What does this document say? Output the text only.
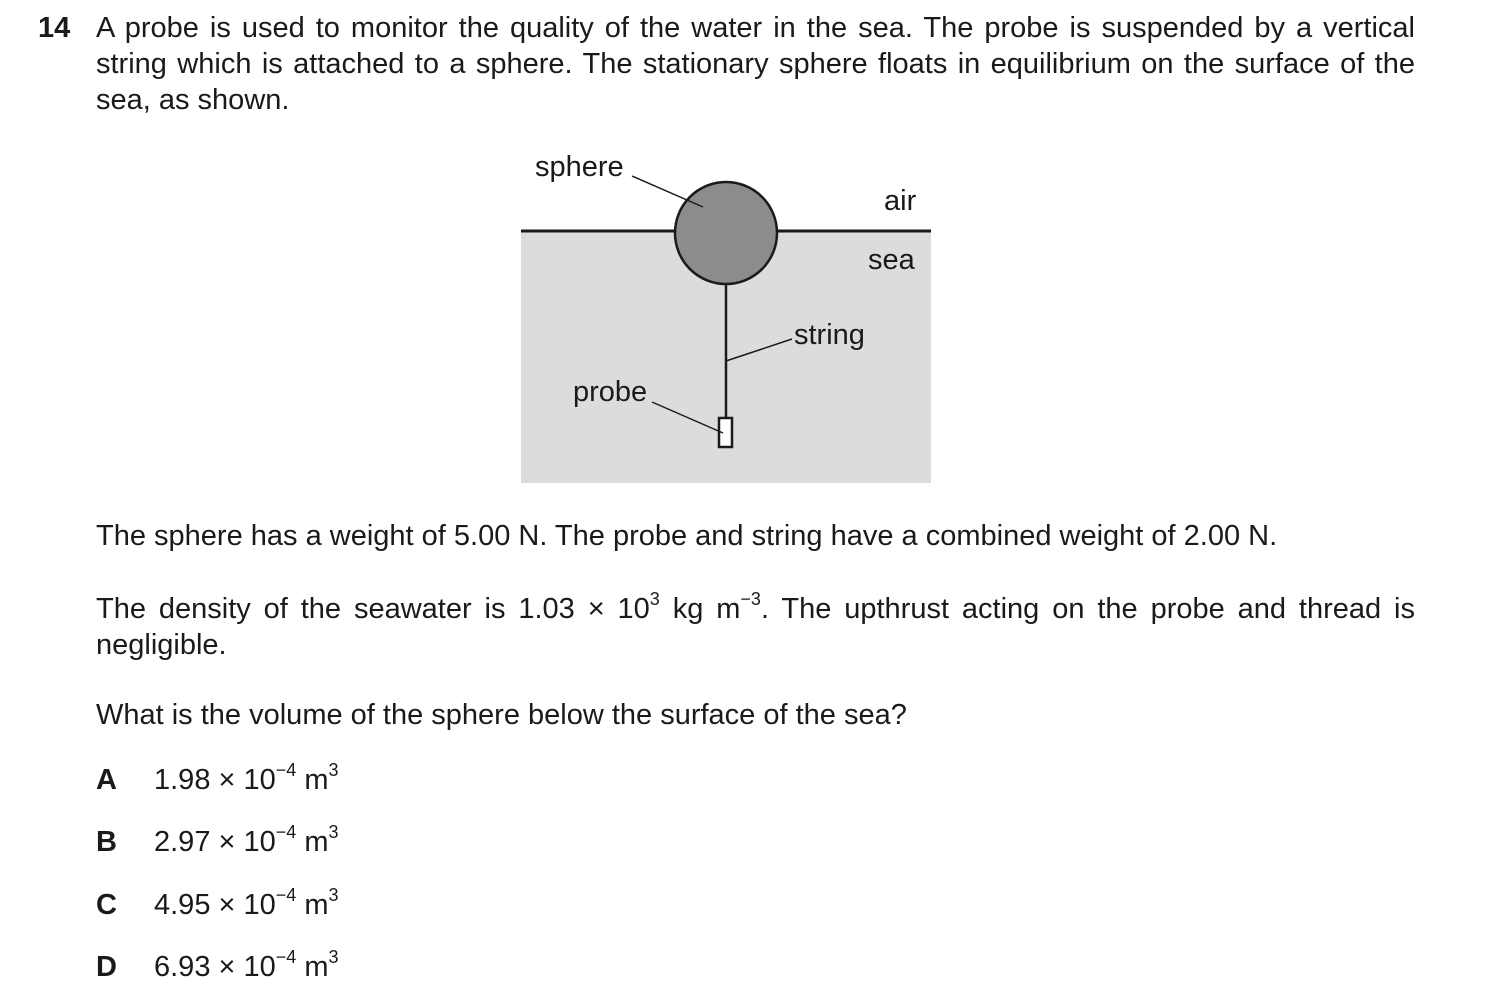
14 A probe is used to monitor the quality of the water in the sea. The probe is suspended by a vertical string which is attached to a sphere. The stationary sphere floats in equilibrium on the surface of the sea, as shown.

sphere
air
sea
string
probe

The sphere has a weight of 5.00 N. The probe and string have a combined weight of 2.00 N.

The density of the seawater is $1.03 \times 10^3$ kg $m^{-3}$. The upthrust acting on the probe and thread is negligible.

What is the volume of the sphere below the surface of the sea?

A $1.98 \times 10^{-4}$ $m^3$
B $2.97 \times 10^{-4}$ $m^3$
C $4.95 \times 10^{-4}$ $m^3$
D $6.93 \times 10^{-4}$ $m^3$
